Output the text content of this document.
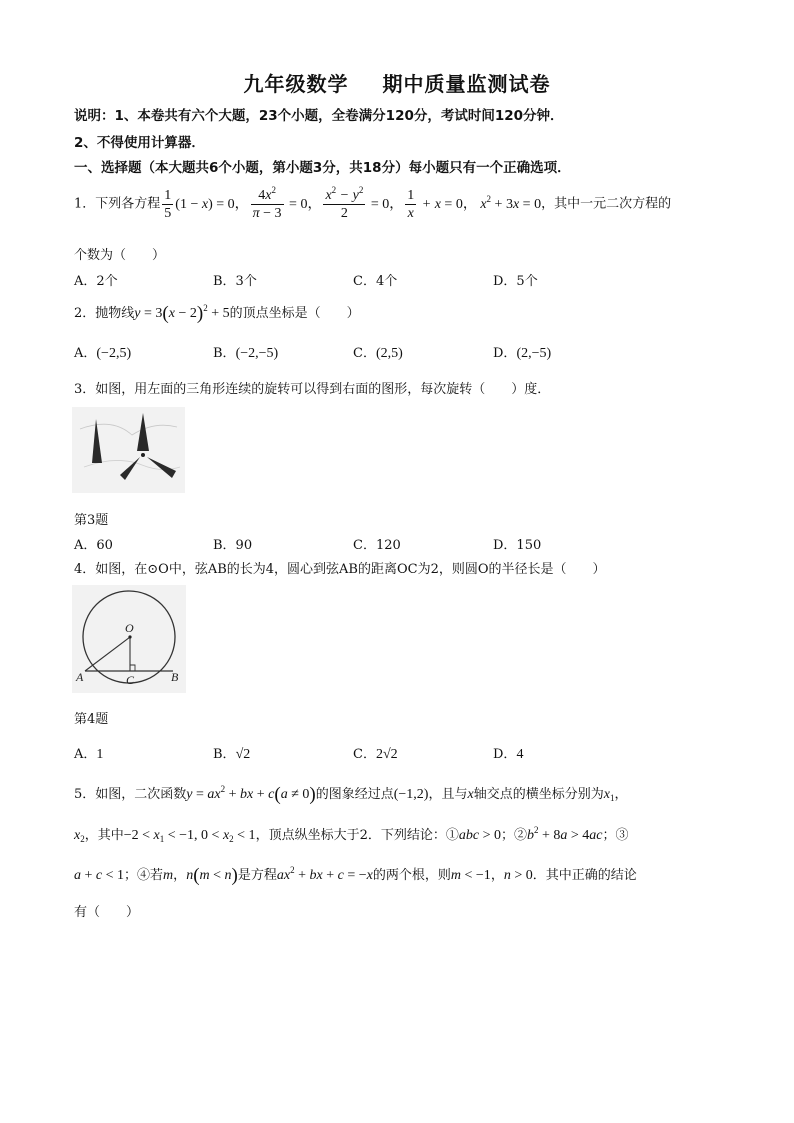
九年级数学 期中质量监测试卷
说明：1、本卷共有六个大题，23个小题，全卷满分120分，考试时间120分钟．
2、不得使用计算器．
一、选择题（本大题共6个小题，第小题3分，共18分）每小题只有一个正确选项．
1．下列各方程 $\frac{1}{5} (1 - x) = 0$， $\frac{4x^2}{\pi - 3} = 0$， $\frac{x^2 - y^2}{2} = 0$， $\frac{1}{x} + x = 0$， $x^2 + 3x = 0$，其中一元二次方程的
个数为（　　）
A．2个	B．3个	C．4个	D．5个
2．抛物线$y = 3(x - 2)^2 + 5$的顶点坐标是（　　）
A．(−2,5)	B．(−2,−5)	C．(2,5)	D．(2,−5)
3．如图，用左面的三角形连续的旋转可以得到右面的图形，每次旋转（　　）度．
第3题
A．60	B．90	C．120	D．150
4．如图，在⊙O中，弦AB的长为4，圆心到弦AB的距离OC为2，则圆O的半径长是（　　）
O
A	C	B
第4题
A．1	B．√2	C．2√2	D．4
5．如图，二次函数$y = ax^2$ + bx + c(a ≠ 0)的图象经过点(−1,2)，且与x轴交点的横坐标分别为$x_1$，
$x_2$，其中$-2 < x_1 < -1$, $0 < x_2 < 1$，顶点纵坐标大于2．下列结论：①abc > 0；$②b^2 + 8a > 4ac$；③
a + c < 1；④若m，n(m < n)是方程$ax^2$ + bx + c = −x的两个根，则m < −1，n > 0．其中正确的结论
有（　　）
